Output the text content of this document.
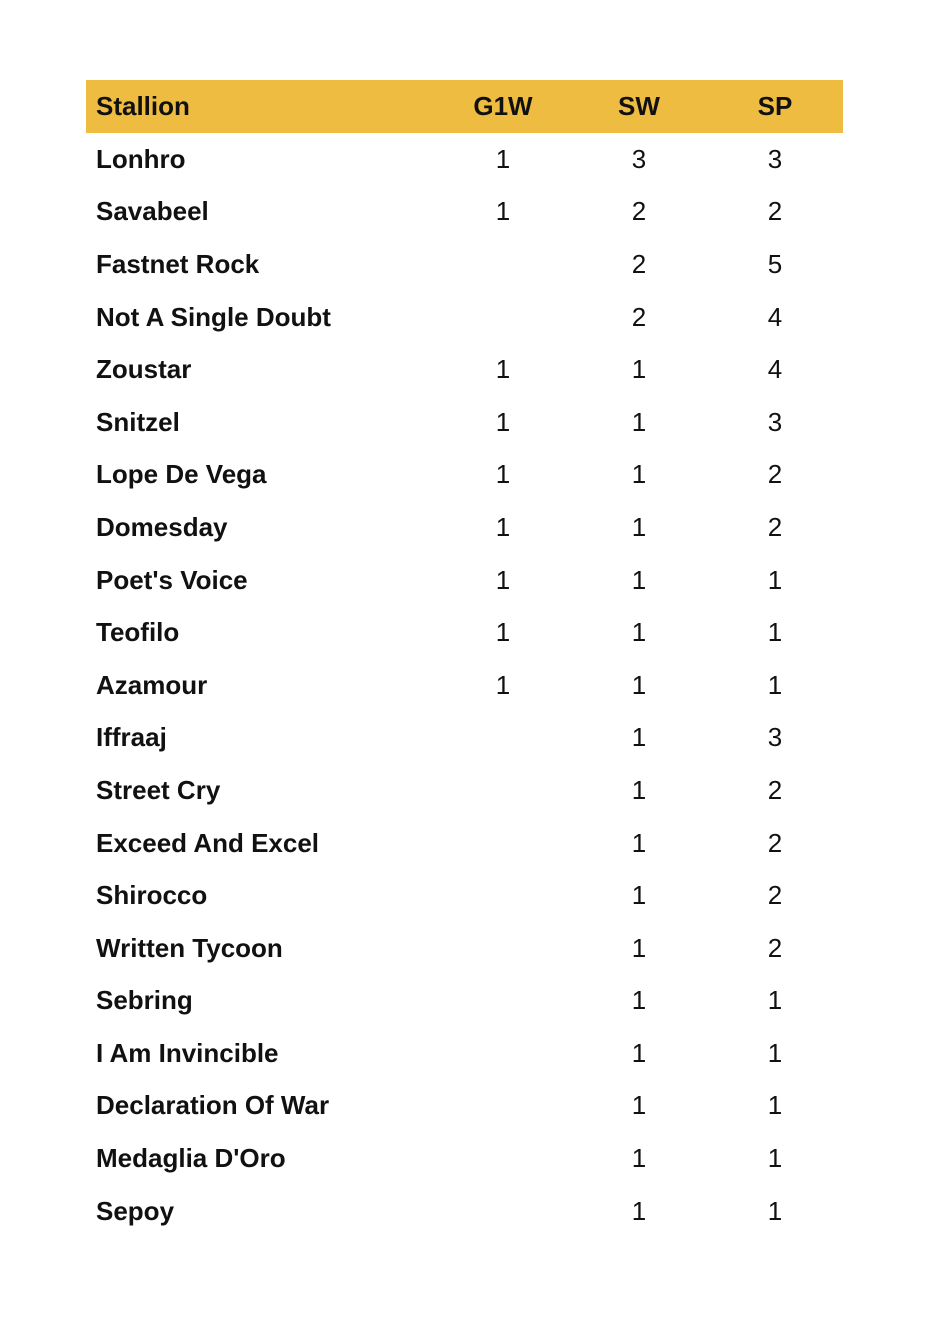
Stallion	G1W	SW	SP
Lonhro	1	3	3
Savabeel	1	2	2
Fastnet Rock		2	5
Not A Single Doubt		2	4
Zoustar	1	1	4
Snitzel	1	1	3
Lope De Vega	1	1	2
Domesday	1	1	2
Poet's Voice	1	1	1
Teofilo	1	1	1
Azamour	1	1	1
Iffraaj		1	3
Street Cry		1	2
Exceed And Excel		1	2
Shirocco		1	2
Written Tycoon		1	2
Sebring		1	1
I Am Invincible		1	1
Declaration Of War		1	1
Medaglia D'Oro		1	1
Sepoy		1	1
